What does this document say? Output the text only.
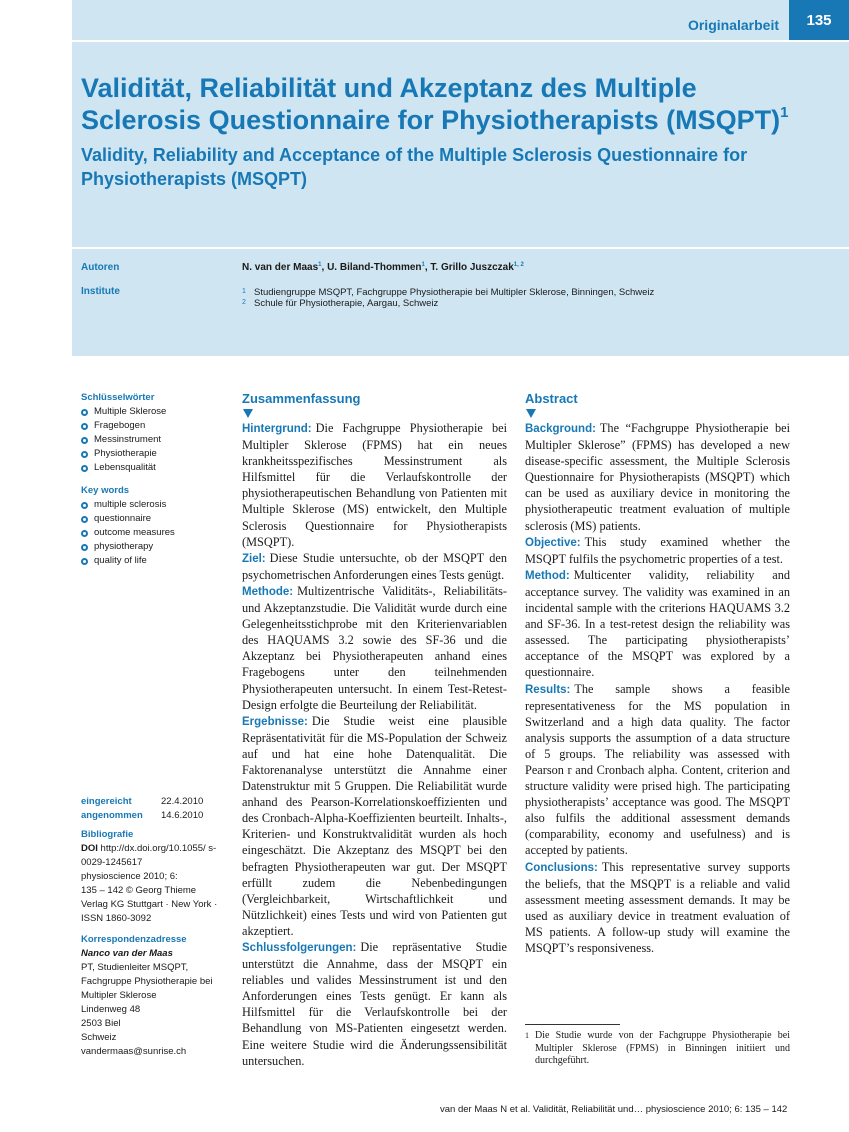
Originalarbeit	135
Validität, Reliabilität und Akzeptanz des Multiple Sclerosis Questionnaire for Physiotherapists (MSQPT)$^1$
Validity, Reliability and Acceptance of the Multiple Sclerosis Questionnaire for Physiotherapists (MSQPT)
Autoren	N. van der Maas$^1$, U. Biland-Thommen$^1$, T. Grillo Juszczak$^{1, 2}$
Institute	1 Studiengruppe MSQPT, Fachgruppe Physiotherapie bei Multipler Sklerose, Binningen, Schweiz
2 Schule für Physiotherapie, Aargau, Schweiz
Schlüsselwörter
Multiple Sklerose
Fragebogen
Messinstrument
Physiotherapie
Lebensqualität
Key words
multiple sclerosis
questionnaire
outcome measures
physiotherapy
quality of life
eingereicht	22.4.2010
angenommen	14.6.2010
Bibliografie
DOI http://dx.doi.org/10.1055/ s-0029-1245617
physioscience 2010; 6:
135 – 142 © Georg Thieme
Verlag KG Stuttgart · New York ·
ISSN 1860-3092
Korrespondenzadresse
Nanco van der Maas
PT, Studienleiter MSQPT,
Fachgruppe Physiotherapie bei
Multipler Sklerose
Lindenweg 48
2503 Biel
Schweiz
vandermaas@sunrise.ch
Zusammenfassung

Hintergrund: Die Fachgruppe Physiotherapie bei Multipler Sklerose (FPMS) hat ein neues krankheitsspezifisches Messinstrument als Hilfsmittel für die Verlaufskontrolle der physiotherapeutischen Behandlung von Patienten mit Multiple Sklerose (MS) entwickelt, den Multiple Sclerosis Questionnaire for Physiotherapists (MSQPT).

Ziel: Diese Studie untersuchte, ob der MSQPT den psychometrischen Anforderungen eines Tests genügt.

Methode: Multizentrische Validitäts-, Reliabilitäts- und Akzeptanzstudie. Die Validität wurde durch eine Gelegenheitsstichprobe mit den Kriterienvariablen des HAQUAMS 3.2 sowie des SF-36 und die Akzeptanz bei Physiotherapeuten anhand eines Fragebogens unter den teilnehmenden Physiotherapeuten untersucht. In einem Test-Retest-Design erfolgte die Beurteilung der Reliabilität.

Ergebnisse: Die Studie weist eine plausible Repräsentativität für die MS-Population der Schweiz auf und hat eine hohe Datenqualität. Die Faktorenanalyse unterstützt die Annahme einer Datenstruktur mit 5 Gruppen. Die Reliabilität wurde anhand des Pearson-Korrelationskoeffizienten und des Cronbach-Alpha-Koeffizienten beurteilt. Inhalts-, Kriterien- und Konstruktvalidität wurden als hoch eingeschätzt. Die Akzeptanz des MSQPT bei den befragten Physiotherapeuten war gut. Der MSQPT erfüllt zudem die Nebenbedingungen (Vergleichbarkeit, Wirtschaftlichkeit und Nützlichkeit) eines Tests und wird von Patienten gut akzeptiert.

Schlussfolgerungen: Die repräsentative Studie unterstützt die Annahme, dass der MSQPT ein reliables und valides Messinstrument ist und den Anforderungen eines Tests genügt. Er kann als Hilfsmittel für die Verlaufskontrolle bei der Behandlung von MS-Patienten eingesetzt werden. Eine weitere Studie wird die Änderungssensibilität untersuchen.

Abstract

Background: The “Fachgruppe Physiotherapie bei Multipler Sklerose” (FPMS) has developed a new disease-specific assessment, the Multiple Sclerosis Questionnaire for Physiotherapists (MSQPT) which can be used as auxiliary device in monitoring the physiotherapeutic treatment evaluation of multiple sclerosis (MS) patients.

Objective: This study examined whether the MSQPT fulfils the psychometric properties of a test.

Method: Multicenter validity, reliability and acceptance survey. The validity was examined in an incidental sample with the criterions HAQUAMS 3.2 and SF-36. In a test-retest design the reliability was assessed. The participating physiotherapists’ acceptance of the MSQPT was explored by a questionnaire.

Results: The sample shows a feasible representativeness for the MS population in Switzerland and a high data quality. The factor analysis supports the assumption of a data structure of 5 groups. The reliability was assessed with Pearson r and Cronbach alpha. Content, criterion and structure validity were prised high. The participating physiotherapists’ acceptance was good. The MSQPT also fulfils the additional assessment demands (comparability, economy and usefulness) and is accepted by patients.

Conclusions: This representative survey supports the beliefs, that the MSQPT is a reliable and valid assessment meeting assessment demands. It may be used as auxiliary device in treatment evaluation of MS patients. A follow-up study will examine the MSQPT’s responsiveness.

1 Die Studie wurde von der Fachgruppe Physiotherapie bei Multipler Sklerose (FPMS) in Binningen initiiert und durchgeführt.
van der Maas N et al. Validität, Reliabilität und… physioscience 2010; 6: 135 – 142
